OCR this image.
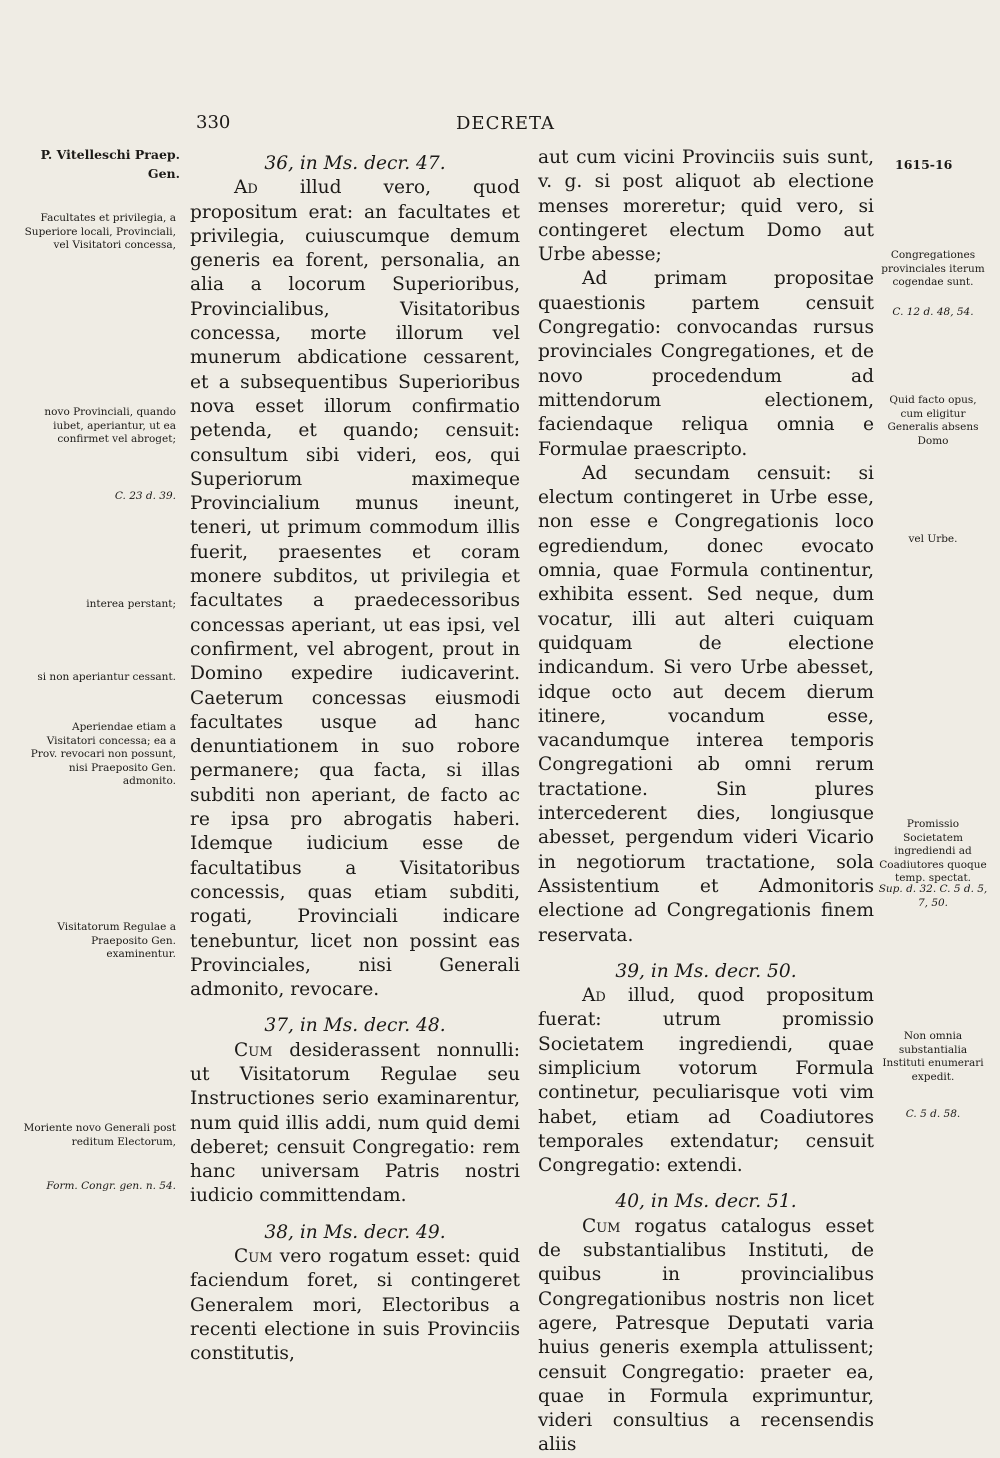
330	DECRETA
P. Vitelleschi Praep. Gen.
1615-16
Facultates et privilegia, a Superiore locali, Provinciali, vel Visitatori concessa,
novo Provinciali, quando iubet, aperiantur, ut ea confirmet vel abroget;
C. 23 d. 39.
interea perstant;
si non aperiantur cessant.
Aperiendae etiam a Visitatori concessa; ea a Prov. revocari non possunt, nisi Praeposito Gen. admonito.
Visitatorum Regulae a Praeposito Gen. examinentur.
Moriente novo Generali post reditum Electorum,
Form. Congr. gen. n. 54.
Congregationes provinciales iterum cogendae sunt.
C. 12 d. 48, 54.
Quid facto opus, cum eligitur Generalis absens Domo
vel Urbe.
Promissio Societatem ingrediendi ad Coadiutores quoque temp. spectat.
Sup. d. 32. C. 5 d. 5, 7, 50.
Non omnia substantialia Instituti enumerari expedit.
C. 5 d. 58.

36, in Ms. decr. 47.

Ad illud vero, quod propositum erat: an facultates et privilegia, cuiuscumque demum generis ea forent, personalia, an alia a locorum Superioribus, Provincialibus, Visitatoribus concessa, morte illorum vel munerum abdicatione cessarent, et a subsequentibus Superioribus nova esset illorum confirmatio petenda, et quando; censuit: consultum sibi videri, eos, qui Superiorum maximeque Provincialium munus ineunt, teneri, ut primum commodum illis fuerit, praesentes et coram monere subditos, ut privilegia et facultates a praedecessoribus concessas aperiant, ut eas ipsi, vel confirment, vel abrogent, prout in Domino expedire iudicaverint. Caeterum concessas eiusmodi facultates usque ad hanc denuntiationem in suo robore permanere; qua facta, si illas subditi non aperiant, de facto ac re ipsa pro abrogatis haberi. Idemque iudicium esse de facultatibus a Visitatoribus concessis, quas etiam subditi, rogati, Provinciali indicare tenebuntur, licet non possint eas Provinciales, nisi Generali admonito, revocare.

37, in Ms. decr. 48.

Cum desiderassent nonnulli: ut Visitatorum Regulae seu Instructiones serio examinarentur, num quid illis addi, num quid demi deberet; censuit Congregatio: rem hanc universam Patris nostri iudicio committendam.

38, in Ms. decr. 49.

Cum vero rogatum esset: quid faciendum foret, si contingeret Generalem mori, Electoribus a recenti electione in suis Provinciis constitutis,

aut cum vicini Provinciis suis sunt, v. g. si post aliquot ab electione menses moreretur; quid vero, si contingeret electum Domo aut Urbe abesse;

Ad primam propositae quaestionis partem censuit Congregatio: convocandas rursus provinciales Congregationes, et de novo procedendum ad mittendorum electionem, faciendaque reliqua omnia e Formulae praescripto.

Ad secundam censuit: si electum contingeret in Urbe esse, non esse e Congregationis loco egrediendum, donec evocato omnia, quae Formula continentur, exhibita essent. Sed neque, dum vocatur, illi aut alteri cuiquam quidquam de electione indicandum. Si vero Urbe abesset, idque octo aut decem dierum itinere, vocandum esse, vacandumque interea temporis Congregationi ab omni rerum tractatione. Sin plures intercederent dies, longiusque abesset, pergendum videri Vicario in negotiorum tractatione, sola Assistentium et Admonitoris electione ad Congregationis finem reservata.

39, in Ms. decr. 50.

Ad illud, quod propositum fuerat: utrum promissio Societatem ingrediendi, quae simplicium votorum Formula continetur, peculiarisque voti vim habet, etiam ad Coadiutores temporales extendatur; censuit Congregatio: extendi.

40, in Ms. decr. 51.

Cum rogatus catalogus esset de substantialibus Instituti, de quibus in provincialibus Congregationibus nostris non licet agere, Patresque Deputati varia huius generis exempla attulissent; censuit Congregatio: praeter ea, quae in Formula exprimuntur, videri consultius a recensendis aliis
